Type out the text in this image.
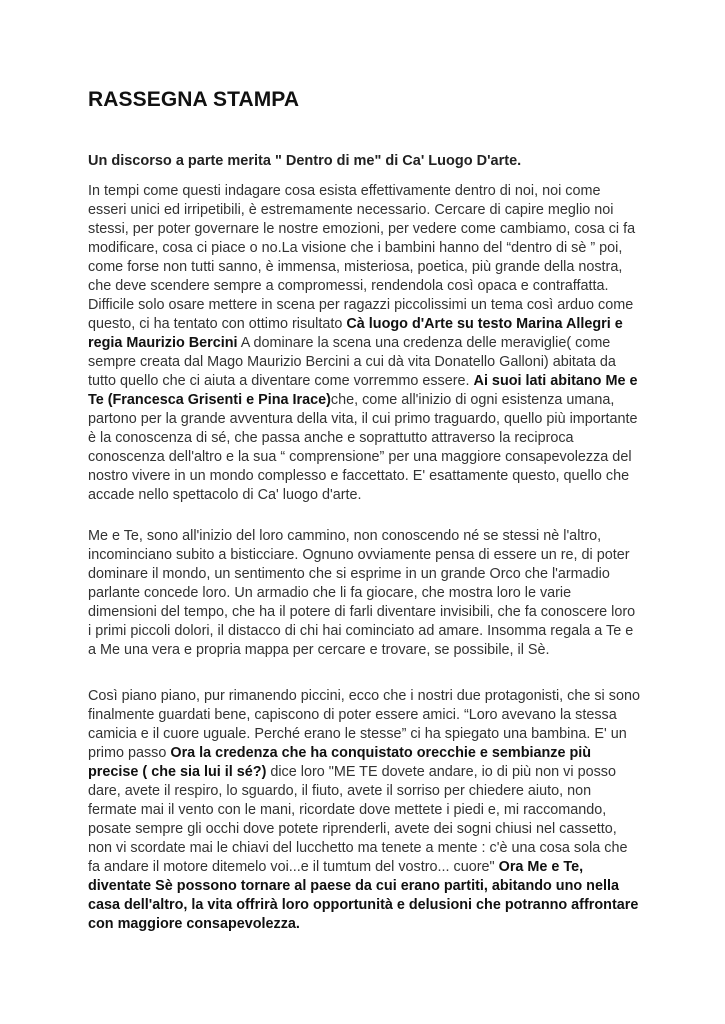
RASSEGNA STAMPA

Un discorso a parte merita " Dentro di me" di Ca' Luogo D'arte.

In tempi come questi indagare cosa esista effettivamente dentro di noi, noi come esseri unici ed irripetibili, è estremamente necessario. Cercare di capire meglio noi stessi, per poter governare le nostre emozioni, per vedere come cambiamo, cosa ci fa modificare, cosa ci piace o no.La visione che i bambini hanno del “dentro di sè ” poi, come forse non tutti sanno, è immensa, misteriosa, poetica, più grande della nostra, che deve scendere sempre a compromessi, rendendola così opaca e contraffatta. Difficile solo osare mettere in scena per ragazzi piccolissimi un tema così arduo come questo, ci ha tentato con ottimo risultato Cà luogo d'Arte su testo Marina Allegri e regia Maurizio Bercini A dominare la scena una credenza delle meraviglie( come sempre creata dal Mago Maurizio Bercini a cui dà vita Donatello Galloni) abitata da tutto quello che ci aiuta a diventare come vorremmo essere. Ai suoi lati abitano Me e Te (Francesca Grisenti e Pina Irace)che, come all'inizio di ogni esistenza umana, partono per la grande avventura della vita, il cui primo traguardo, quello più importante è la conoscenza di sé, che passa anche e soprattutto attraverso la reciproca conoscenza dell'altro e la sua “ comprensione” per una maggiore consapevolezza del nostro vivere in un mondo complesso e faccettato. E' esattamente questo, quello che accade nello spettacolo di Ca' luogo d'arte.

Me e Te, sono all'inizio del loro cammino, non conoscendo né se stessi nè l'altro, incominciano subito a bisticciare. Ognuno ovviamente pensa di essere un re, di poter dominare il mondo, un sentimento che si esprime in un grande Orco che l'armadio parlante concede loro. Un armadio che li fa giocare, che mostra loro le varie dimensioni del tempo, che ha il potere di farli diventare invisibili, che fa conoscere loro i primi piccoli dolori, il distacco di chi hai cominciato ad amare. Insomma regala a Te e a Me una vera e propria mappa per cercare e trovare, se possibile, il Sè.

Così piano piano, pur rimanendo piccini, ecco che i nostri due protagonisti, che si sono finalmente guardati bene, capiscono di poter essere amici. “Loro avevano la stessa camicia e il cuore uguale. Perché erano le stesse” ci ha spiegato una bambina. E' un primo passo Ora la credenza che ha conquistato orecchie e sembianze più precise ( che sia lui il sé?) dice loro "ME TE dovete andare, io di più non vi posso dare, avete il respiro, lo sguardo, il fiuto, avete il sorriso per chiedere aiuto, non fermate mai il vento con le mani, ricordate dove mettete i piedi e, mi raccomando, posate sempre gli occhi dove potete riprenderli, avete dei sogni chiusi nel cassetto, non vi scordate mai le chiavi del lucchetto ma tenete a mente : c'è una cosa sola che fa andare il motore ditemelo voi...e il tumtum del vostro... cuore" Ora Me e Te, diventate Sè possono tornare al paese da cui erano partiti, abitando uno nella casa dell'altro, la vita offrirà loro opportunità e delusioni che potranno affrontare con maggiore consapevolezza.
